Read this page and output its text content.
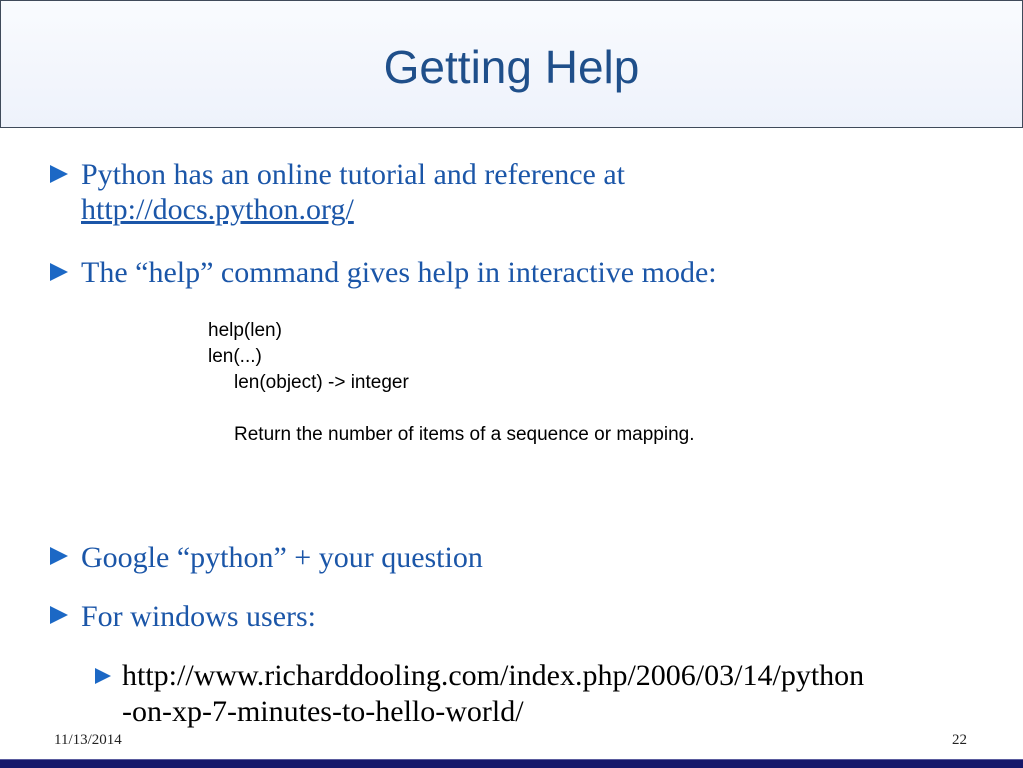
Getting Help
Python has an online tutorial and reference at
http://docs.python.org/
The “help” command gives help in interactive mode:
help(len)
len(...)
len(object) -> integer
Return the number of items of a sequence or mapping.
Google “python” + your question
For windows users:
http://www.richarddooling.com/index.php/2006/03/14/python
-on-xp-7-minutes-to-hello-world/
11/13/2014	22
